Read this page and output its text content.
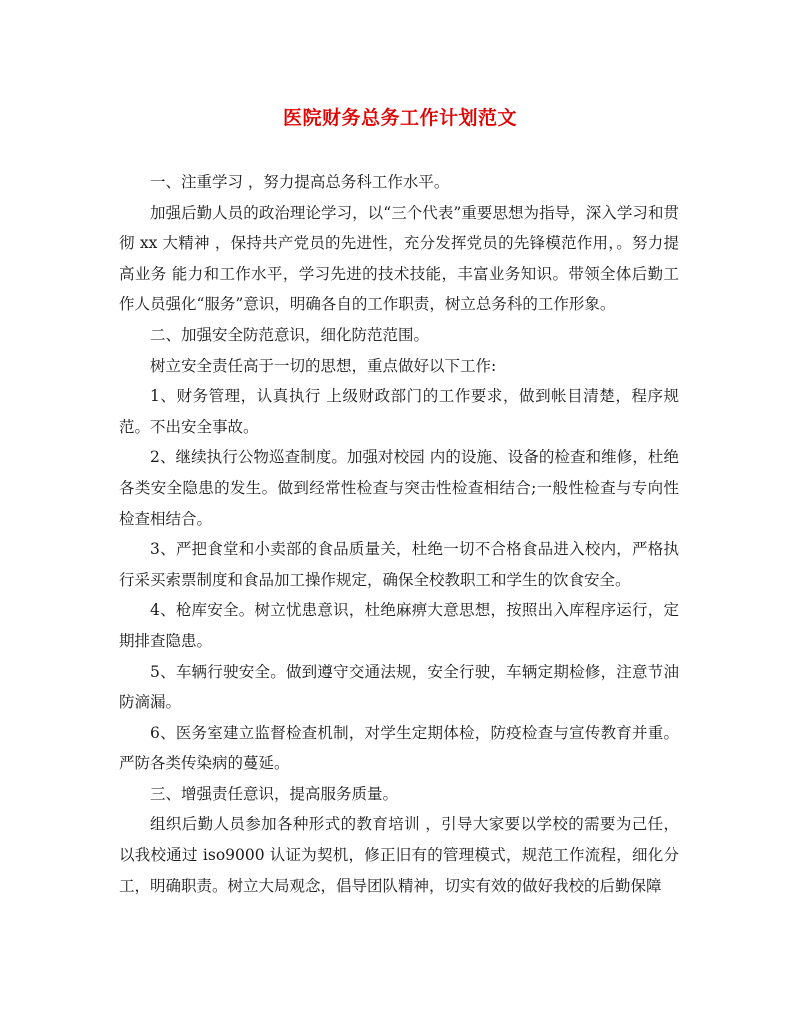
医院财务总务工作计划范文

一、注重学习 ，努力提高总务科工作水平。

加强后勤人员的政治理论学习，以“三个代表”重要思想为指导，深入学习和贯彻 xx 大精神 ，保持共产党员的先进性，充分发挥党员的先锋模范作用，。努力提高业务 能力和工作水平，学习先进的技术技能，丰富业务知识。带领全体后勤工作人员强化“服务”意识，明确各自的工作职责，树立总务科的工作形象。

二、加强安全防范意识，细化防范范围。

树立安全责任高于一切的思想，重点做好以下工作:

1、财务管理，认真执行 上级财政部门的工作要求，做到帐目清楚，程序规范。不出安全事故。

2、继续执行公物巡查制度。加强对校园 内的设施、设备的检查和维修，杜绝各类安全隐患的发生。做到经常性检查与突击性检查相结合;一般性检查与专向性检查相结合。

3、严把食堂和小卖部的食品质量关，杜绝一切不合格食品进入校内，严格执行采买索票制度和食品加工操作规定，确保全校教职工和学生的饮食安全。

4、枪库安全。树立忧患意识，杜绝麻痹大意思想，按照出入库程序运行，定期排查隐患。

5、车辆行驶安全。做到遵守交通法规，安全行驶，车辆定期检修，注意节油防滴漏。

6、医务室建立监督检查机制，对学生定期体检，防疫检查与宣传教育并重。严防各类传染病的蔓延。

三、增强责任意识，提高服务质量。

组织后勤人员参加各种形式的教育培训 ，引导大家要以学校的需要为己任，以我校通过 iso9000 认证为契机，修正旧有的管理模式，规范工作流程，细化分工，明确职责。树立大局观念，倡导团队精神，切实有效的做好我校的后勤保障
